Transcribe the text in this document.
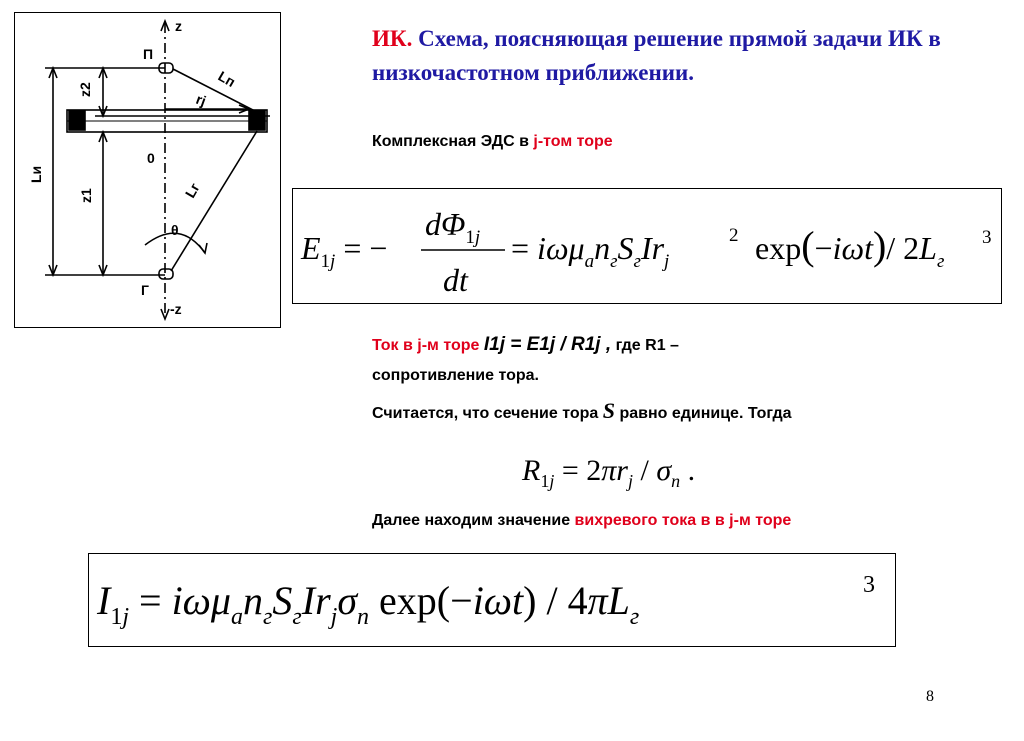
z
П
z2	Lп
rj
0
Lи
z1	Lг
θ
Г
-z
ИК. Схема, поясняющая решение прямой задачи ИК в низкочастотном приближении.
Комплексная ЭДС в j-том торе
$E_1j$ = −
$d\Phi_1j$
dt
= $i\omega\mu_an_гS_гIr_j$
2 exp(−iωt)/ $2L_г$
3
Ток в j-м торе I1j = E1j / R1j , где R1 –
сопротивление тора.
Считается, что сечение тора S равно единице. Тогда
$R_1j = 2\pi r_j / \sigma_n$ .
Далее находим значение вихревого тока в в j-м торе
$I_1j = i\omega\mu_an_гS_гIr_j\sigma_n$ $\exp(-i\omega t) / 4\pi L_г$
3
8
